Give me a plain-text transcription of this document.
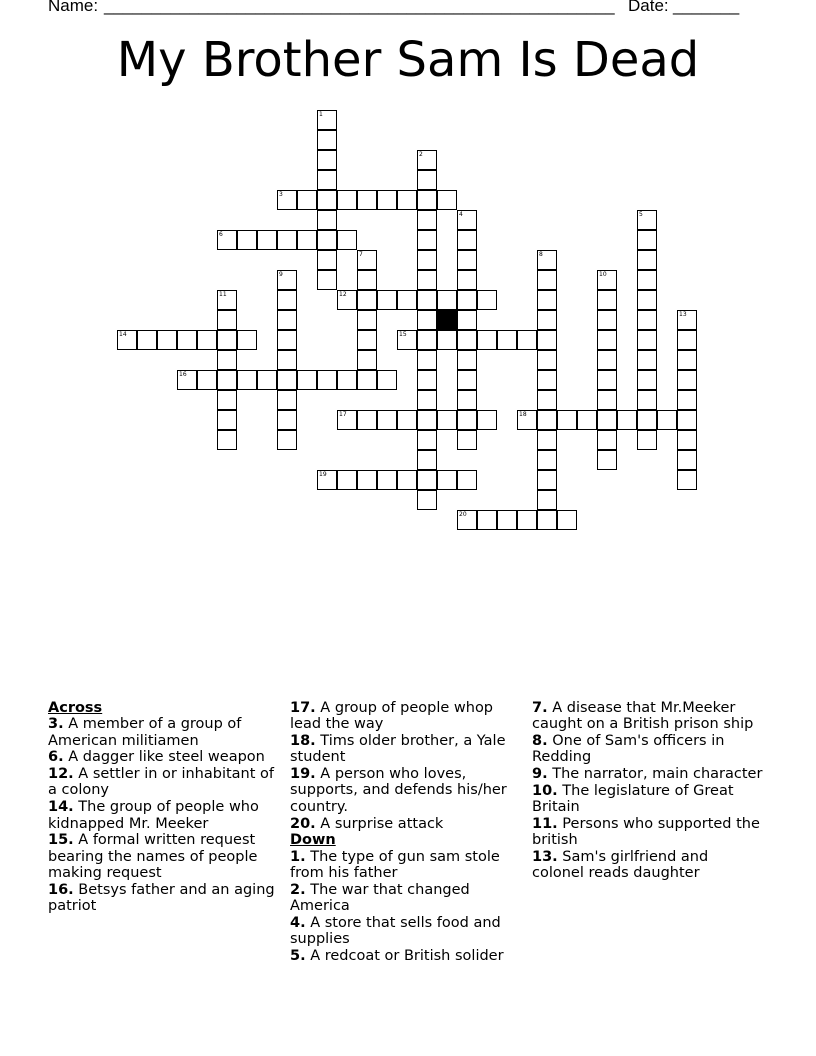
Name: ______________________________________________________ Date: _______
My Brother Sam Is Dead
3
6
12
14	15
16
17	18
19
20
1
2
4	5
7	8
9	10
11
13
Across
3. A member of a group of American militiamen
6. A dagger like steel weapon
12. A settler in or inhabitant of a colony
14. The group of people who kidnapped Mr. Meeker
15. A formal written request bearing the names of people making request
16. Betsys father and an aging patriot
17. A group of people whop lead the way
18. Tims older brother, a Yale student
19. A person who loves, supports, and defends his/her country.
20. A surprise attack
Down
1. The type of gun sam stole from his father
2. The war that changed America
4. A store that sells food and supplies
5. A redcoat or British solider
7. A disease that Mr.Meeker caught on a British prison ship
8. One of Sam's officers in Redding
9. The narrator, main character
10. The legislature of Great Britain
11. Persons who supported the british
13. Sam's girlfriend and colonel reads daughter
